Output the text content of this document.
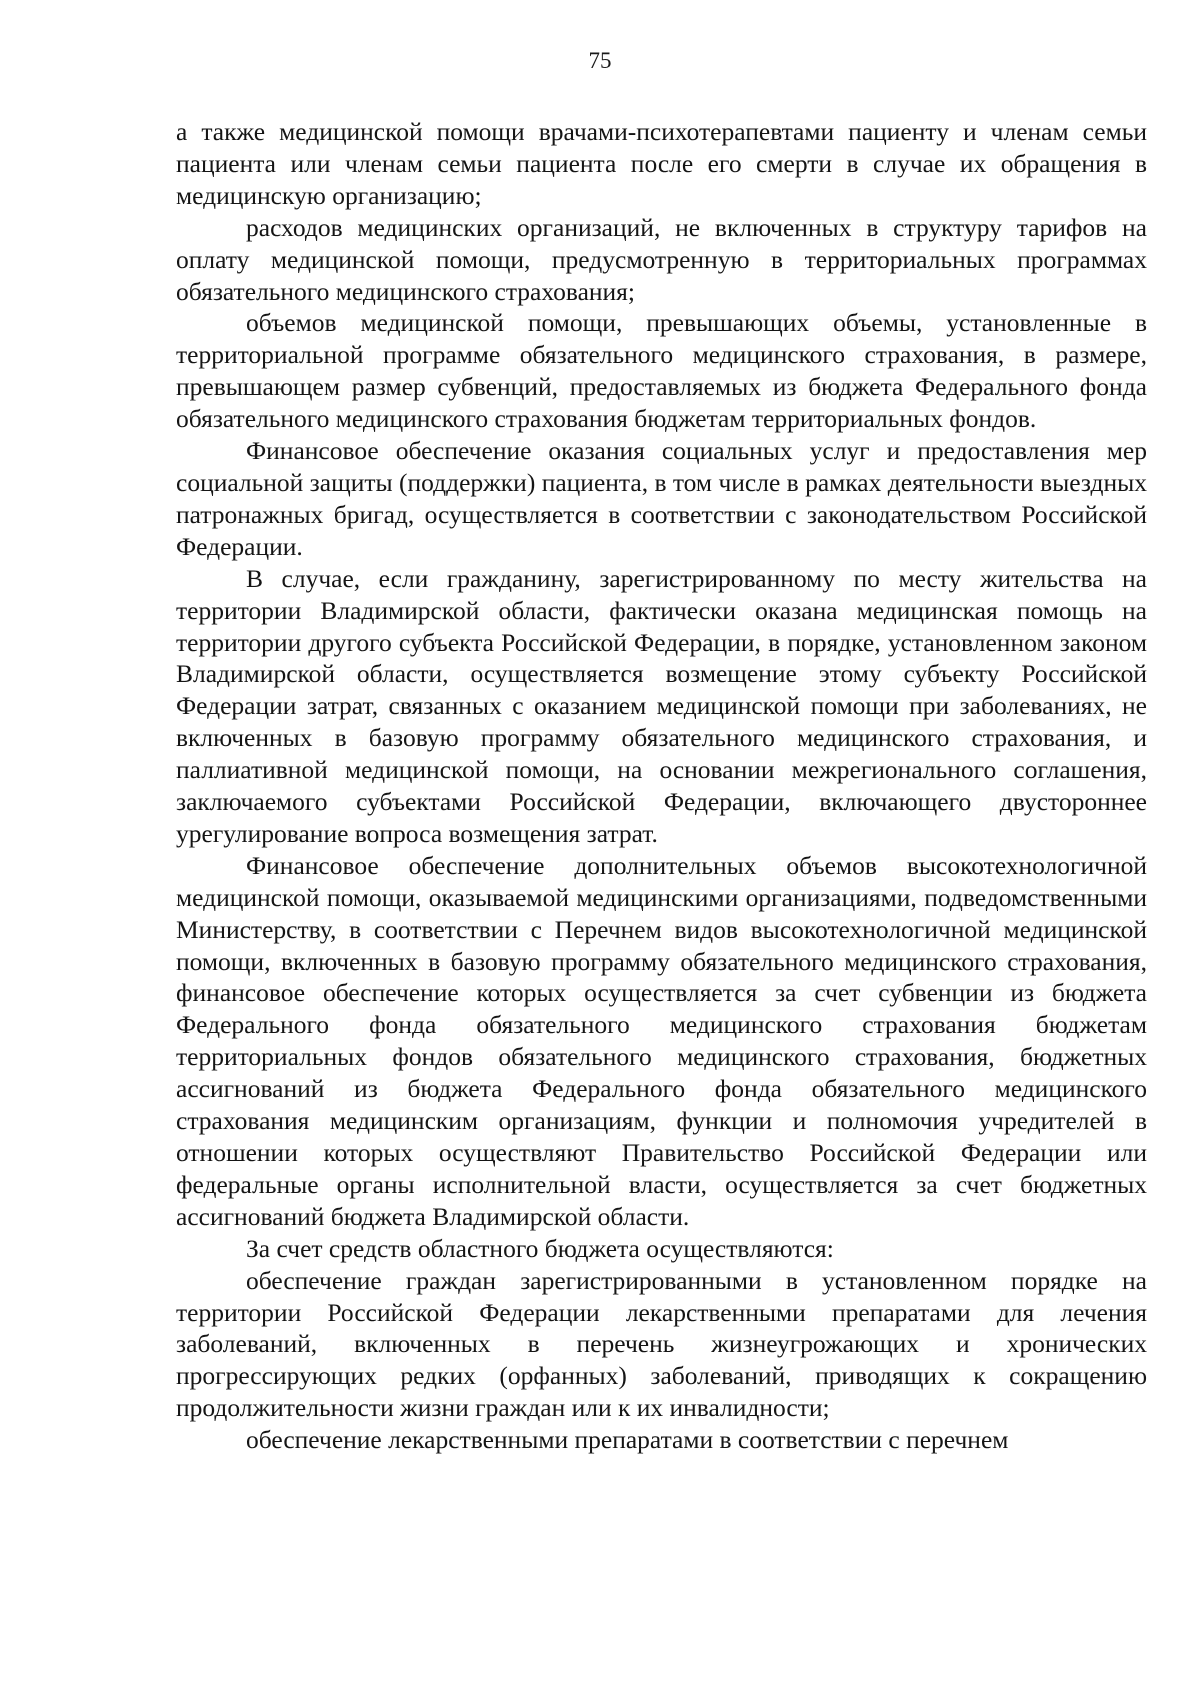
75

а также медицинской помощи врачами-психотерапевтами пациенту и членам семьи пациента или членам семьи пациента после его смерти в случае их обращения в медицинскую организацию;

расходов медицинских организаций, не включенных в структуру тарифов на оплату медицинской помощи, предусмотренную в территориальных программах обязательного медицинского страхования;

объемов медицинской помощи, превышающих объемы, установленные в территориальной программе обязательного медицинского страхования, в размере, превышающем размер субвенций, предоставляемых из бюджета Федерального фонда обязательного медицинского страхования бюджетам территориальных фондов.

Финансовое обеспечение оказания социальных услуг и предоставления мер социальной защиты (поддержки) пациента, в том числе в рамках деятельности выездных патронажных бригад, осуществляется в соответствии с законодательством Российской Федерации.

В случае, если гражданину, зарегистрированному по месту жительства на территории Владимирской области, фактически оказана медицинская помощь на территории другого субъекта Российской Федерации, в порядке, установленном законом Владимирской области, осуществляется возмещение этому субъекту Российской Федерации затрат, связанных с оказанием медицинской помощи при заболеваниях, не включенных в базовую программу обязательного медицинского страхования, и паллиативной медицинской помощи, на основании межрегионального соглашения, заключаемого субъектами Российской Федерации, включающего двустороннее урегулирование вопроса возмещения затрат.

Финансовое обеспечение дополнительных объемов высокотехнологичной медицинской помощи, оказываемой медицинскими организациями, подведомственными Министерству, в соответствии с Перечнем видов высокотехнологичной медицинской помощи, включенных в базовую программу обязательного медицинского страхования, финансовое обеспечение которых осуществляется за счет субвенции из бюджета Федерального фонда обязательного медицинского страхования бюджетам территориальных фондов обязательного медицинского страхования, бюджетных ассигнований из бюджета Федерального фонда обязательного медицинского страхования медицинским организациям, функции и полномочия учредителей в отношении которых осуществляют Правительство Российской Федерации или федеральные органы исполнительной власти, осуществляется за счет бюджетных ассигнований бюджета Владимирской области.

За счет средств областного бюджета осуществляются:

обеспечение граждан зарегистрированными в установленном порядке на территории Российской Федерации лекарственными препаратами для лечения заболеваний, включенных в перечень жизнеугрожающих и хронических прогрессирующих редких (орфанных) заболеваний, приводящих к сокращению продолжительности жизни граждан или к их инвалидности;

обеспечение лекарственными препаратами в соответствии с перечнем
